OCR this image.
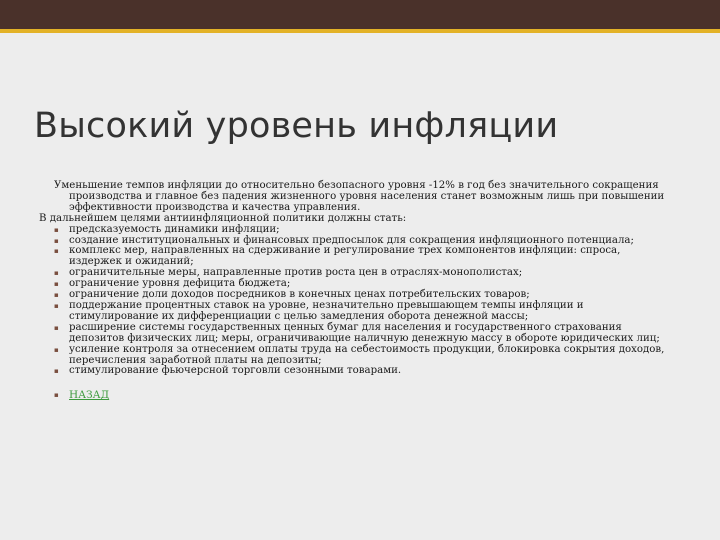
Высокий уровень инфляции

Уменьшение темпов инфляции до относительно безопасного уровня -12% в год без значительного сокращения производства и главное без падения жизненного уровня населения станет возможным лишь при повышении эффективности производства и качества управления.

В дальнейшем целями антиинфляционной политики должны стать:

▪ предсказуемость динамики инфляции;
▪ создание институциональных и финансовых предпосылок для сокращения инфляционного потенциала;
▪ комплекс мер, направленных на сдерживание и регулирование трех компонентов инфляции: спроса, издержек и ожиданий;
▪ ограничительные меры, направленные против роста цен в отраслях-монополистах;
▪ ограничение уровня дефицита бюджета;
▪ ограничение доли доходов посредников в конечных ценах потребительских товаров;
▪ поддержание процентных ставок на уровне, незначительно превышающем темпы инфляции и стимулирование их дифференциации с целью замедления оборота денежной массы;
▪ расширение системы государственных ценных бумаг для населения и государственного страхования депозитов физических лиц; меры, ограничивающие наличную денежную массу в обороте юридических лиц;
▪ усиление контроля за отнесением оплаты труда на себестоимость продукции, блокировка сокрытия доходов, перечисления заработной платы на депозиты;
▪ стимулирование фьючерсной торговли сезонными товарами.
▪ НАЗАД
